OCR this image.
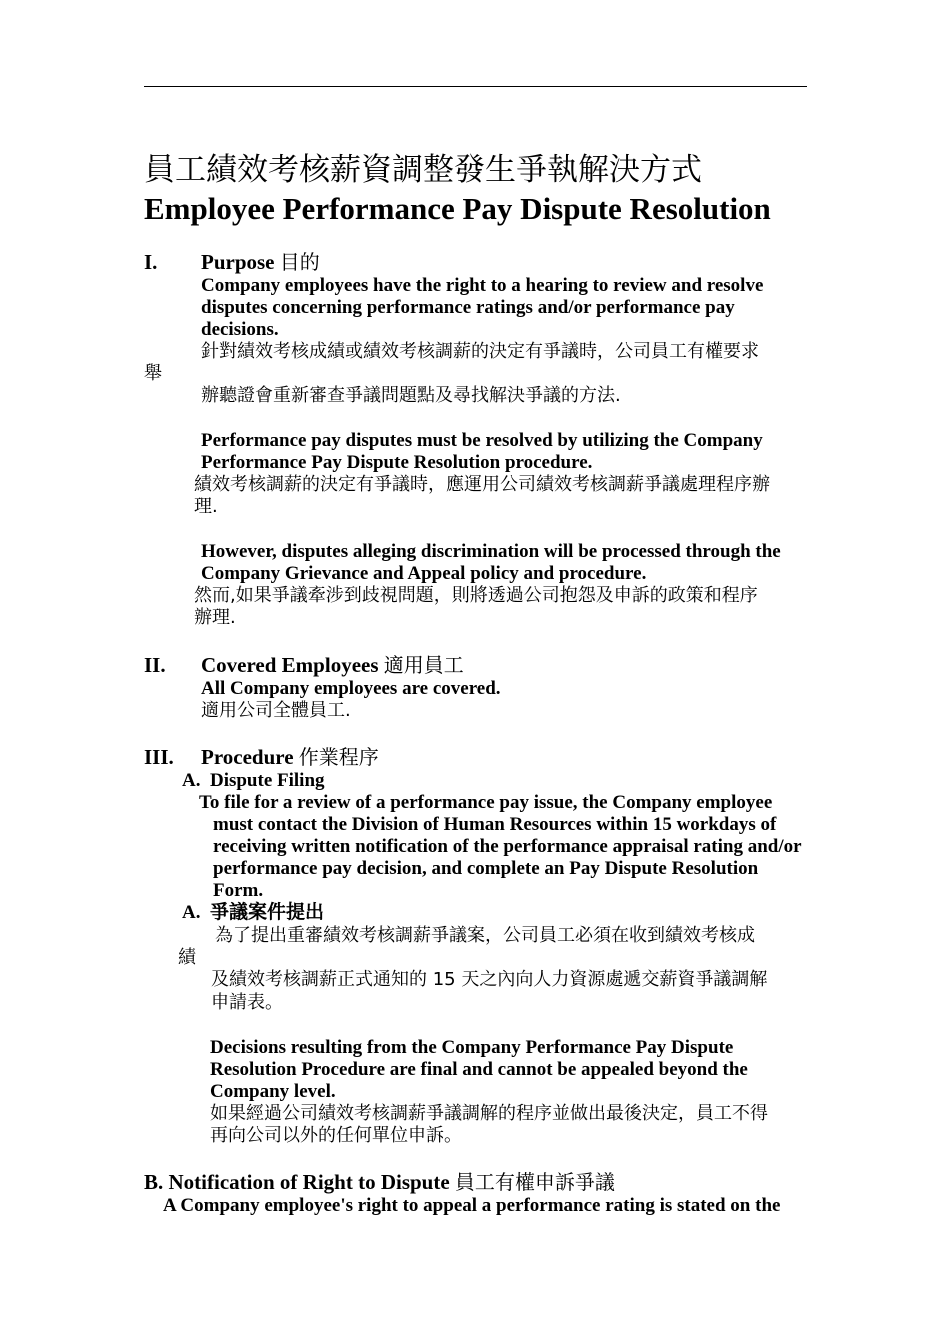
員工績效考核薪資調整發生爭執解決方式
Employee Performance Pay Dispute Resolution
I. Purpose 目的
Company employees have the right to a hearing to review and resolve
disputes concerning performance ratings and/or performance pay
decisions.
針對績效考核成績或績效考核調薪的決定有爭議時，公司員工有權要求
舉
辦聽證會重新審查爭議問題點及尋找解決爭議的方法.
Performance pay disputes must be resolved by utilizing the Company
Performance Pay Dispute Resolution procedure.
績效考核調薪的決定有爭議時，應運用公司績效考核調薪爭議處理程序辦
理.
However, disputes alleging discrimination will be processed through the
Company Grievance and Appeal policy and procedure.
然而,如果爭議牽涉到歧視問題，則將透過公司抱怨及申訴的政策和程序
辦理.
II. Covered Employees 適用員工
All Company employees are covered.
適用公司全體員工.
III. Procedure 作業程序
A.  Dispute Filing
To file for a review of a performance pay issue, the Company employee
must contact the Division of Human Resources within 15 workdays of
receiving written notification of the performance appraisal rating and/or
performance pay decision, and complete an Pay Dispute Resolution
Form.
A.  爭議案件提出
為了提出重審績效考核調薪爭議案，公司員工必須在收到績效考核成
績
及績效考核調薪正式通知的 15 天之內向人力資源處遞交薪資爭議調解
申請表。
Decisions resulting from the Company Performance Pay Dispute
Resolution Procedure are final and cannot be appealed beyond the
Company level.
如果經過公司績效考核調薪爭議調解的程序並做出最後決定，員工不得
再向公司以外的任何單位申訴。
B. Notification of Right to Dispute 員工有權申訴爭議
A Company employee's right to appeal a performance rating is stated on the
